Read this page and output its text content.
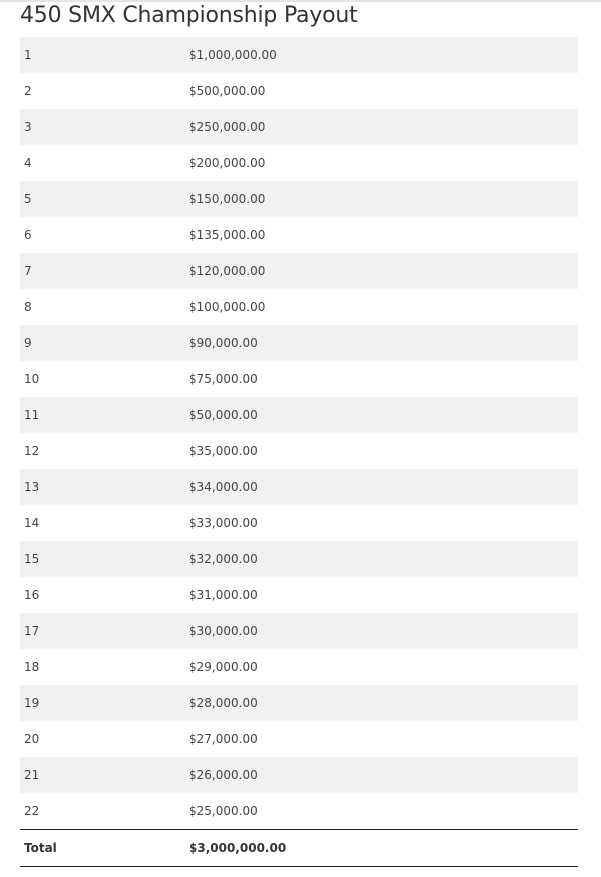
450 SMX Championship Payout
1	$1,000,000.00
2	$500,000.00
3	$250,000.00
4	$200,000.00
5	$150,000.00
6	$135,000.00
7	$120,000.00
8	$100,000.00
9	$90,000.00
10	$75,000.00
11	$50,000.00
12	$35,000.00
13	$34,000.00
14	$33,000.00
15	$32,000.00
16	$31,000.00
17	$30,000.00
18	$29,000.00
19	$28,000.00
20	$27,000.00
21	$26,000.00
22	$25,000.00
Total	$3,000,000.00
